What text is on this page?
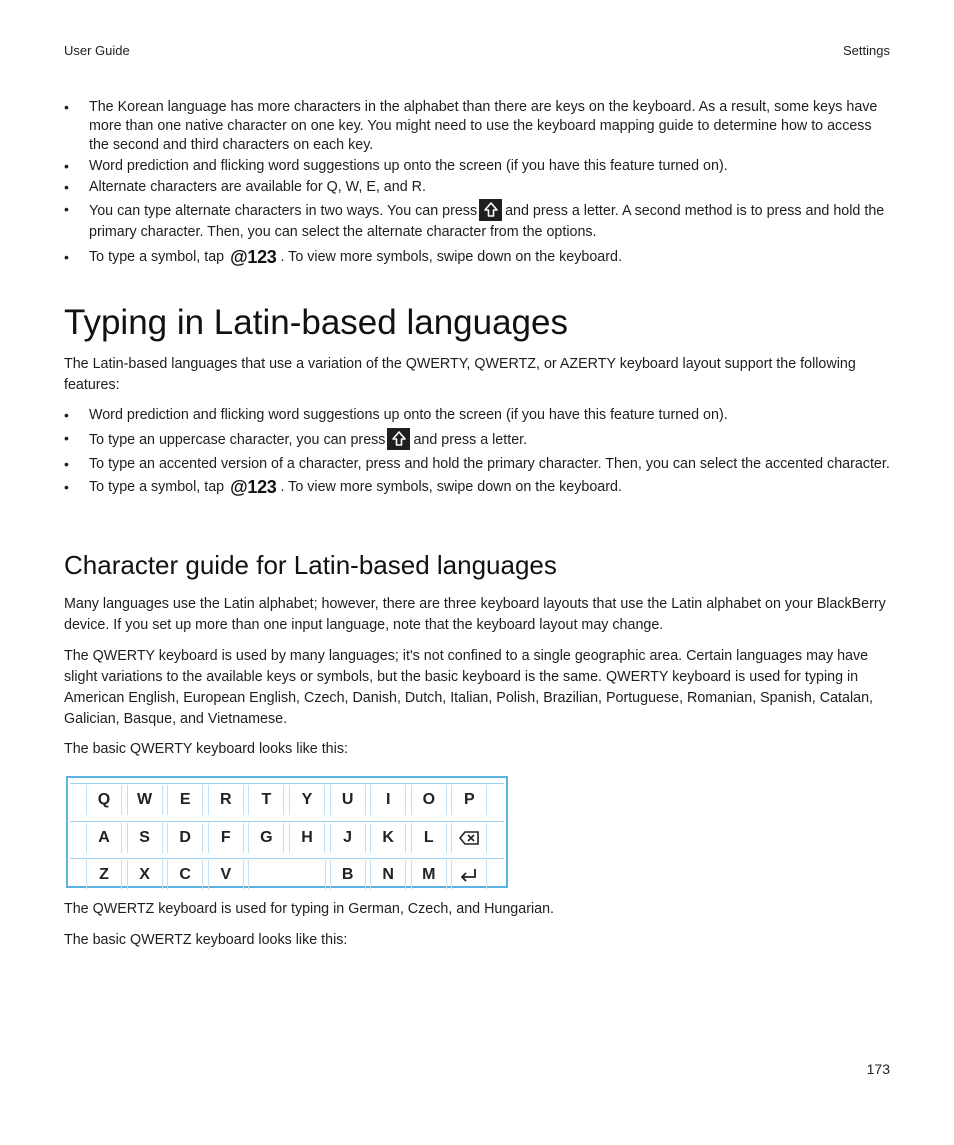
User Guide	Settings
• The Korean language has more characters in the alphabet than there are keys on the keyboard. As a result, some keys have more than one native character on one key. You might need to use the keyboard mapping guide to determine how to access the second and third characters on each key.
• Word prediction and flicking word suggestions up onto the screen (if you have this feature turned on).
• Alternate characters are available for Q, W, E, and R.
• You can type alternate characters in two ways. You can press and press a letter. A second method is to press and hold the primary character. Then, you can select the alternate character from the options.
• To type a symbol, tap @123 . To view more symbols, swipe down on the keyboard.
Typing in Latin-based languages

The Latin-based languages that use a variation of the QWERTY, QWERTZ, or AZERTY keyboard layout support the following features:

• Word prediction and flicking word suggestions up onto the screen (if you have this feature turned on).
• To type an uppercase character, you can press and press a letter.
• To type an accented version of a character, press and hold the primary character. Then, you can select the accented character.
• To type a symbol, tap @123 . To view more symbols, swipe down on the keyboard.
Character guide for Latin-based languages

Many languages use the Latin alphabet; however, there are three keyboard layouts that use the Latin alphabet on your BlackBerry device. If you set up more than one input language, note that the keyboard layout may change.

The QWERTY keyboard is used by many languages; it's not confined to a single geographic area. Certain languages may have slight variations to the available keys or symbols, but the basic keyboard is the same. QWERTY keyboard is used for typing in American English, European English, Czech, Danish, Dutch, Italian, Polish, Brazilian, Portuguese, Romanian, Spanish, Catalan, Galician, Basque, and Vietnamese.

The basic QWERTY keyboard looks like this:

The QWERTZ keyboard is used for typing in German, Czech, and Hungarian.

The basic QWERTZ keyboard looks like this:

Q	W	E	R	T	Y	U	I	O	P
A	S	D	F	G	H	J	K	L
Z	X	C	V	B	N	M
173
